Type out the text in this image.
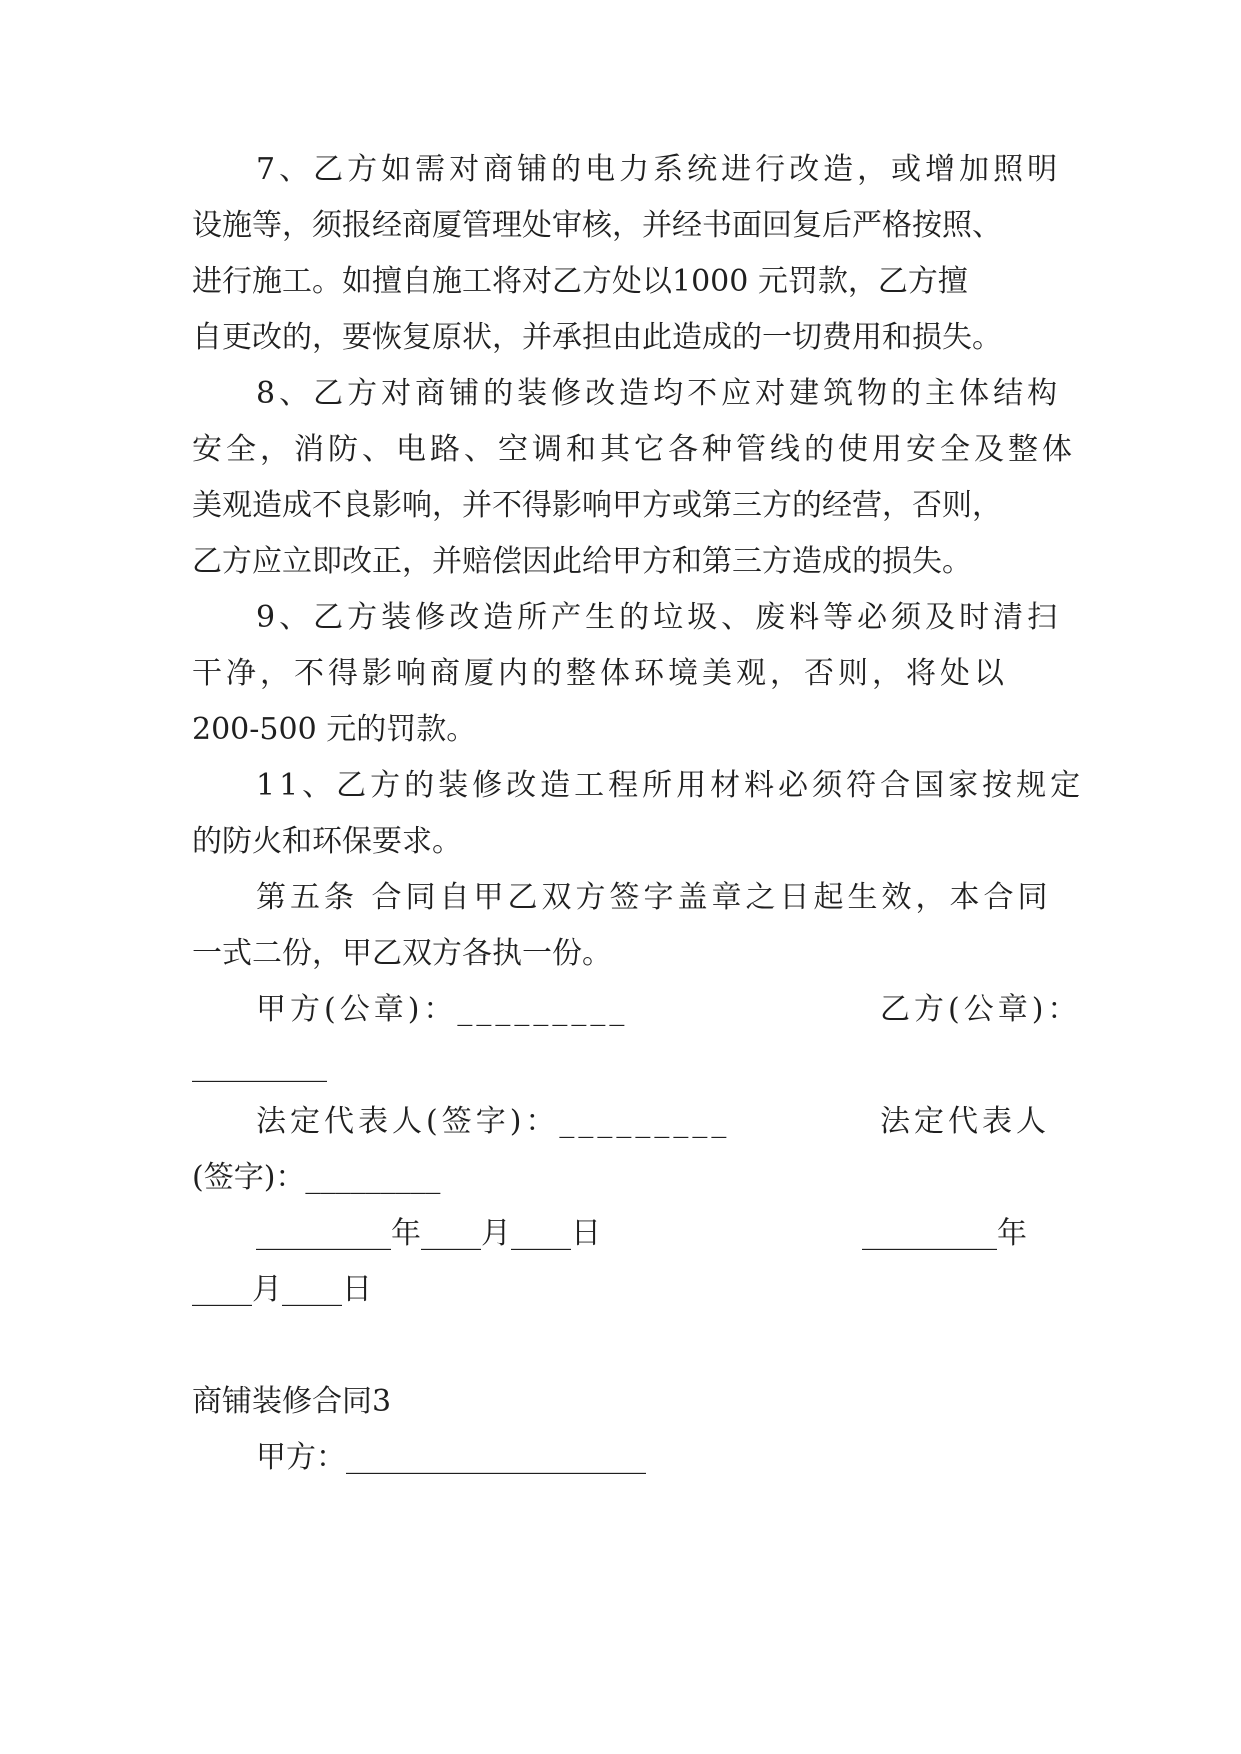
7、乙方如需对商铺的电力系统进行改造，或增加照明
设施等，须报经商厦管理处审核，并经书面回复后严格按照、
进行施工。如擅自施工将对乙方处以1000 元罚款，乙方擅
自更改的，要恢复原状，并承担由此造成的一切费用和损失。
8、乙方对商铺的装修改造均不应对建筑物的主体结构
安全，消防、电路、空调和其它各种管线的使用安全及整体
美观造成不良影响，并不得影响甲方或第三方的经营，否则，
乙方应立即改正，并赔偿因此给甲方和第三方造成的损失。
9、乙方装修改造所产生的垃圾、废料等必须及时清扫
干净，不得影响商厦内的整体环境美观，否则，将处以
200-500 元的罚款。
11、乙方的装修改造工程所用材料必须符合国家按规定
的防火和环保要求。
第五条 合同自甲乙双方签字盖章之日起生效，本合同
一式二份，甲乙双方各执一份。
甲方(公章)：_________	乙方(公章)：
_________
法定代表人(签字)：_________	法定代表人
(签字)：_________
_________年____月____日	_________年
____月____日
商铺装修合同3
甲方：____________________
